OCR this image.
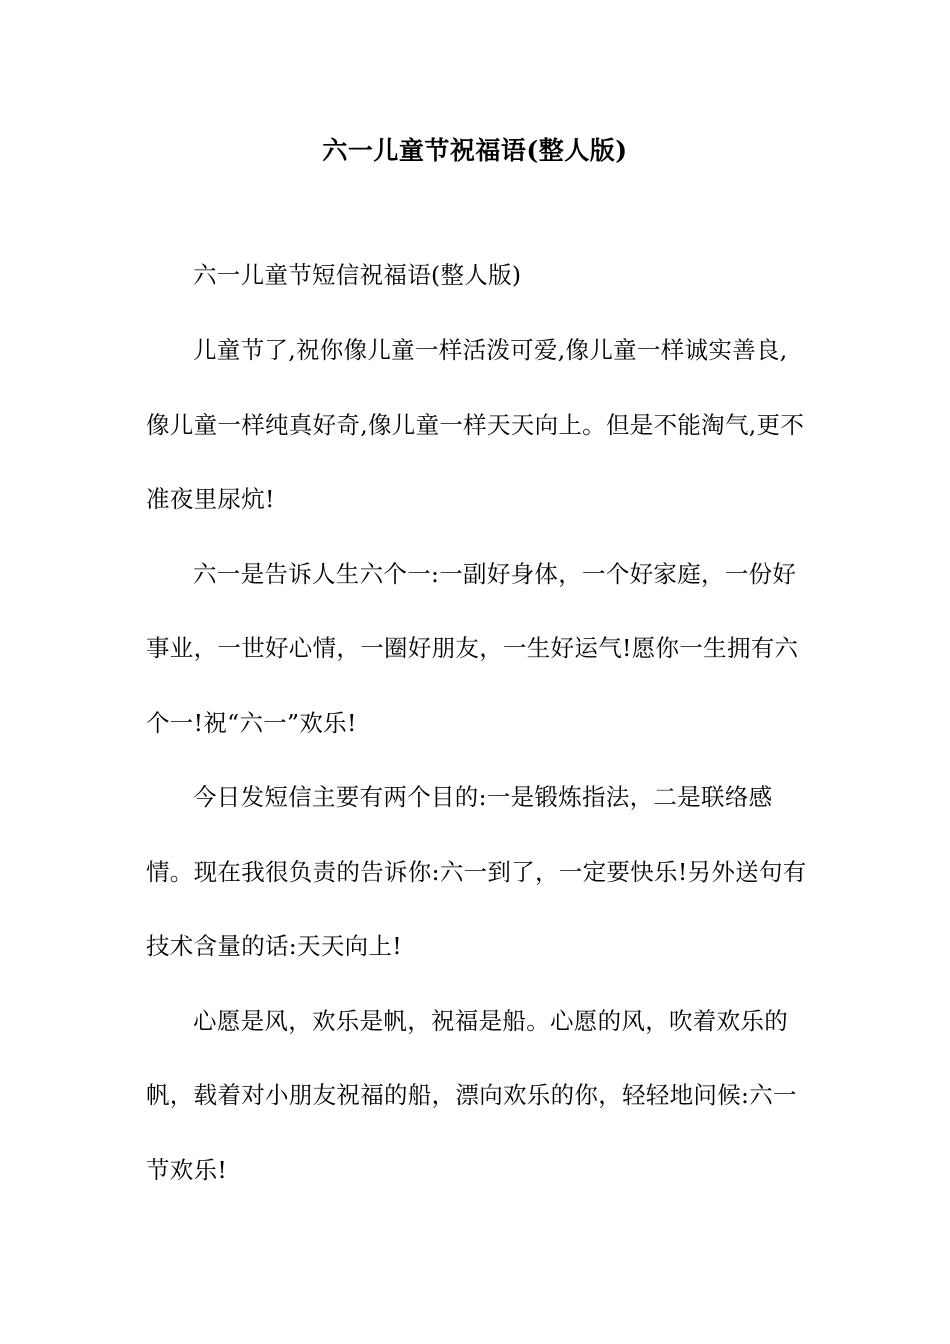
六一儿童节祝福语(整人版)
六一儿童节短信祝福语(整人版)

儿童节了,祝你像儿童一样活泼可爱,像儿童一样诚实善良,像儿童一样纯真好奇,像儿童一样天天向上。但是不能淘气,更不准夜里尿炕!

六一是告诉人生六个一:一副好身体，一个好家庭，一份好事业，一世好心情，一圈好朋友，一生好运气!愿你一生拥有六个一!祝“六一”欢乐!

今日发短信主要有两个目的:一是锻炼指法，二是联络感情。现在我很负责的告诉你:六一到了，一定要快乐!另外送句有技术含量的话:天天向上!

心愿是风，欢乐是帆，祝福是船。心愿的风，吹着欢乐的帆，载着对小朋友祝福的船，漂向欢乐的你，轻轻地问候:六一节欢乐!
